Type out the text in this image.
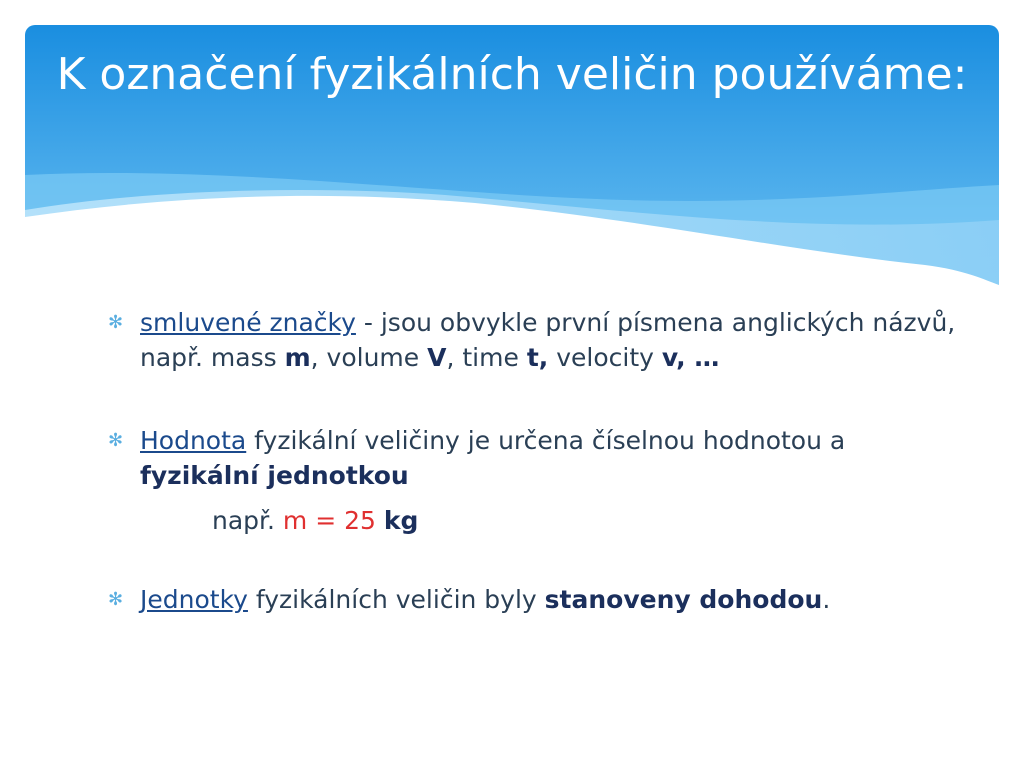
K označení fyzikálních veličin používáme:
✻ smluvené značky - jsou obvykle první písmena anglických názvů, např. mass m, volume V, time t, velocity v, …
✻ Hodnota fyzikální veličiny je určena číselnou hodnotou a fyzikální jednotkou
např. m = 25 kg
✻ Jednotky fyzikálních veličin byly stanoveny dohodou.
